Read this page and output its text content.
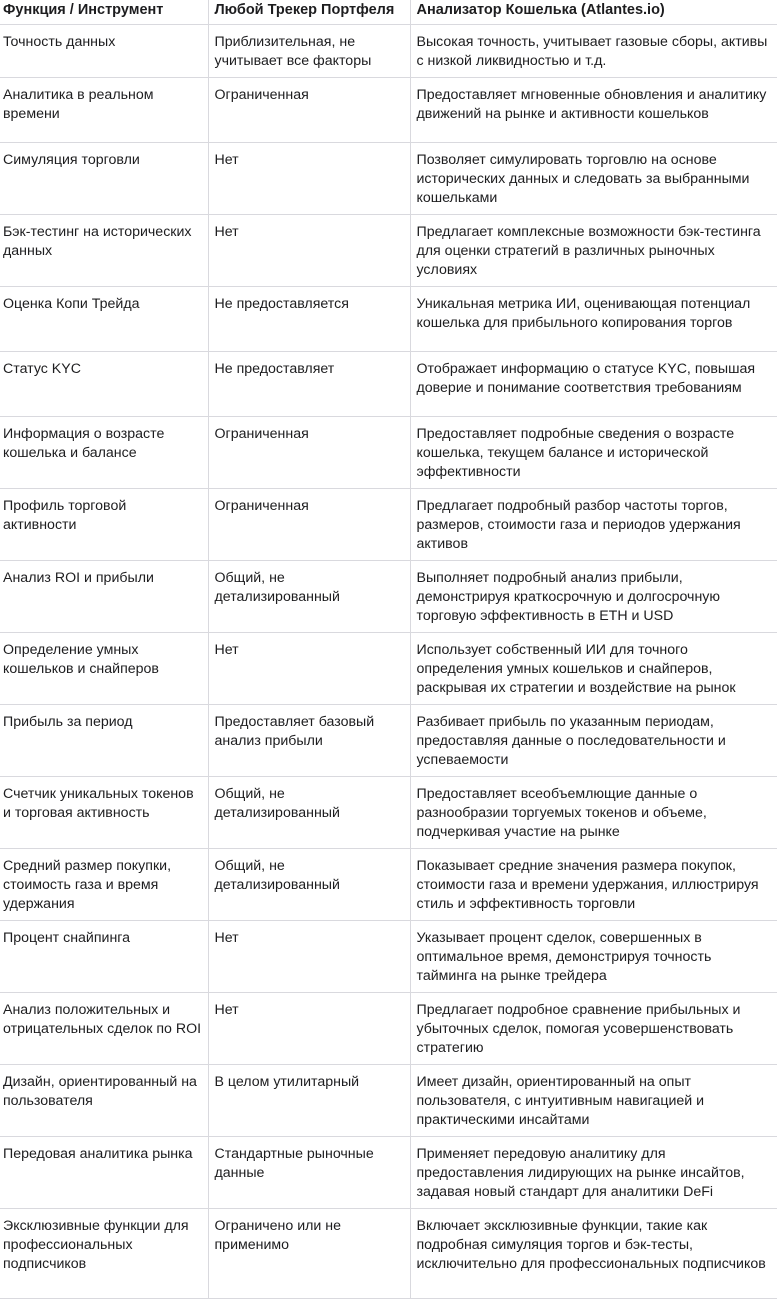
Функция / Инструмент	Любой Трекер Портфеля	Анализатор Кошелька (Atlantes.io)
Точность данных	Приблизительная, не учитывает все факторы	Высокая точность, учитывает газовые сборы, активы с низкой ликвидностью и т.д.
Аналитика в реальном времени	Ограниченная	Предоставляет мгновенные обновления и аналитику движений на рынке и активности кошельков
Симуляция торговли	Нет	Позволяет симулировать торговлю на основе исторических данных и следовать за выбранными кошельками
Бэк-тестинг на исторических данных	Нет	Предлагает комплексные возможности бэк-тестинга для оценки стратегий в различных рыночных условиях
Оценка Копи Трейда	Не предоставляется	Уникальная метрика ИИ, оценивающая потенциал кошелька для прибыльного копирования торгов
Статус KYC	Не предоставляет	Отображает информацию о статусе KYC, повышая доверие и понимание соответствия требованиям
Информация о возрасте кошелька и балансе	Ограниченная	Предоставляет подробные сведения о возрасте кошелька, текущем балансе и исторической эффективности
Профиль торговой активности	Ограниченная	Предлагает подробный разбор частоты торгов, размеров, стоимости газа и периодов удержания активов
Анализ ROI и прибыли	Общий, не детализированный	Выполняет подробный анализ прибыли, демонстрируя краткосрочную и долгосрочную торговую эффективность в ETH и USD
Определение умных кошельков и снайперов	Нет	Использует собственный ИИ для точного определения умных кошельков и снайперов, раскрывая их стратегии и воздействие на рынок
Прибыль за период	Предоставляет базовый анализ прибыли	Разбивает прибыль по указанным периодам, предоставляя данные о последовательности и успеваемости
Счетчик уникальных токенов и торговая активность	Общий, не детализированный	Предоставляет всеобъемлющие данные о разнообразии торгуемых токенов и объеме, подчеркивая участие на рынке
Средний размер покупки, стоимость газа и время удержания	Общий, не детализированный	Показывает средние значения размера покупок, стоимости газа и времени удержания, иллюстрируя стиль и эффективность торговли
Процент снайпинга	Нет	Указывает процент сделок, совершенных в оптимальное время, демонстрируя точность тайминга на рынке трейдера
Анализ положительных и отрицательных сделок по ROI	Нет	Предлагает подробное сравнение прибыльных и убыточных сделок, помогая усовершенствовать стратегию
Дизайн, ориентированный на пользователя	В целом утилитарный	Имеет дизайн, ориентированный на опыт пользователя, с интуитивным навигацией и практическими инсайтами
Передовая аналитика рынка	Стандартные рыночные данные	Применяет передовую аналитику для предоставления лидирующих на рынке инсайтов, задавая новый стандарт для аналитики DeFi
Эксклюзивные функции для профессиональных подписчиков	Ограничено или не применимо	Включает эксклюзивные функции, такие как подробная симуляция торгов и бэк-тесты, исключительно для профессиональных подписчиков
